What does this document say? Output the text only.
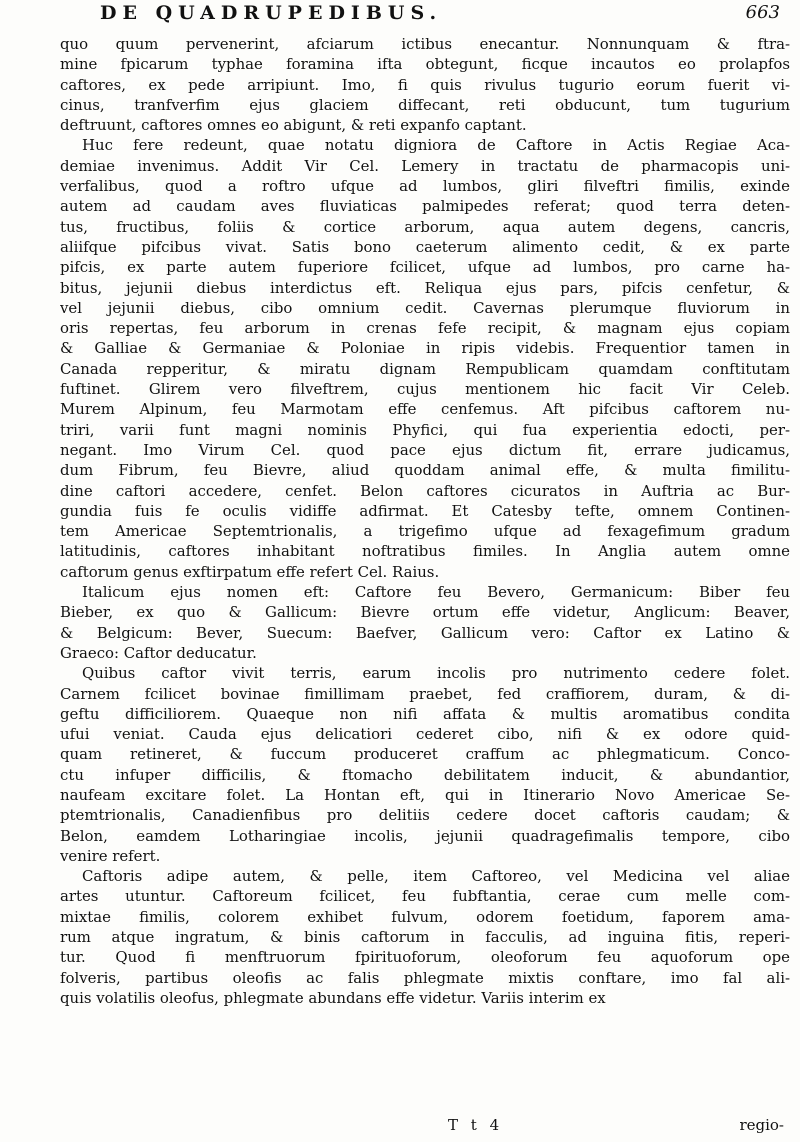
DE QUADRUPEDIBUS.	663
quo quum pervenerint, afciarum ictibus enecantur. Nonnunquam & ftra-
mine fpicarum typhae foramina ifta obtegunt, ficque incautos eo prolapfos
caftores, ex pede arripiunt. Imo, fi quis rivulus tugurio eorum fuerit vi-
cinus, tranfverfim ejus glaciem diffecant, reti obducunt, tum tugurium
deftruunt, caftores omnes eo abigunt, & reti expanfo captant.
Huc fere redeunt, quae notatu digniora de Caftore in Actis Regiae Aca-
demiae invenimus. Addit Vir Cel. Lemery in tractatu de pharmacopis uni-
verfalibus, quod a roftro ufque ad lumbos, gliri filveftri fimilis, exinde
autem ad caudam aves fluviaticas palmipedes referat; quod terra deten-
tus, fructibus, foliis & cortice arborum, aqua autem degens, cancris,
aliifque pifcibus vivat. Satis bono caeterum alimento cedit, & ex parte
pifcis, ex parte autem fuperiore fcilicet, ufque ad lumbos, pro carne ha-
bitus, jejunii diebus interdictus eft. Reliqua ejus pars, pifcis cenfetur, &
vel jejunii diebus, cibo omnium cedit. Cavernas plerumque fluviorum in
oris repertas, feu arborum in crenas fefe recipit, & magnam ejus copiam
& Galliae & Germaniae & Poloniae in ripis videbis. Frequentior tamen in
Canada repperitur, & miratu dignam Rempublicam quamdam conftitutam
fuftinet. Glirem vero filveftrem, cujus mentionem hic facit Vir Celeb.
Murem Alpinum, feu Marmotam effe cenfemus. Aft pifcibus caftorem nu-
triri, varii funt magni nominis Phyfici, qui fua experientia edocti, per-
negant. Imo Virum Cel. quod pace ejus dictum fit, errare judicamus,
dum Fibrum, feu Bievre, aliud quoddam animal effe, & multa fimilitu-
dine caftori accedere, cenfet. Belon caftores cicuratos in Auftria ac Bur-
gundia fuis fe oculis vidiffe adfirmat. Et Catesby tefte, omnem Continen-
tem Americae Septemtrionalis, a trigefimo ufque ad fexagefimum gradum
latitudinis, caftores inhabitant noftratibus fimiles. In Anglia autem omne
caftorum genus exftirpatum effe refert Cel. Raius.
Italicum ejus nomen eft: Caftore feu Bevero, Germanicum: Biber feu
Bieber, ex quo & Gallicum: Bievre ortum effe videtur, Anglicum: Beaver,
& Belgicum: Bever, Suecum: Baefver, Gallicum vero: Caftor ex Latino &
Graeco: Caftor deducatur.
Quibus caftor vivit terris, earum incolis pro nutrimento cedere folet.
Carnem fcilicet bovinae fimillimam praebet, fed craffiorem, duram, & di-
geftu difficiliorem. Quaeque non nifi affata & multis aromatibus condita
ufui veniat. Cauda ejus delicatiori cederet cibo, nifi & ex odore quid-
quam retineret, & fuccum produceret craffum ac phlegmaticum. Conco-
ctu infuper difficilis, & ftomacho debilitatem inducit, & abundantior,
naufeam excitare folet. La Hontan eft, qui in Itinerario Novo Americae Se-
ptemtrionalis, Canadienfibus pro delitiis cedere docet caftoris caudam; &
Belon, eamdem Lotharingiae incolis, jejunii quadragefimalis tempore, cibo
venire refert.
Caftoris adipe autem, & pelle, item Caftoreo, vel Medicina vel aliae
artes utuntur. Caftoreum fcilicet, feu fubftantia, cerae cum melle com-
mixtae fimilis, colorem exhibet fulvum, odorem foetidum, faporem ama-
rum atque ingratum, & binis caftorum in facculis, ad inguina fitis, reperi-
tur. Quod fi menftruorum fpirituoforum, oleoforum feu aquoforum ope
folveris, partibus oleofis ac falis phlegmate mixtis conftare, imo fal ali-
quis volatilis oleofus, phlegmate abundans effe videtur. Variis interim ex
T t 4	regio-
